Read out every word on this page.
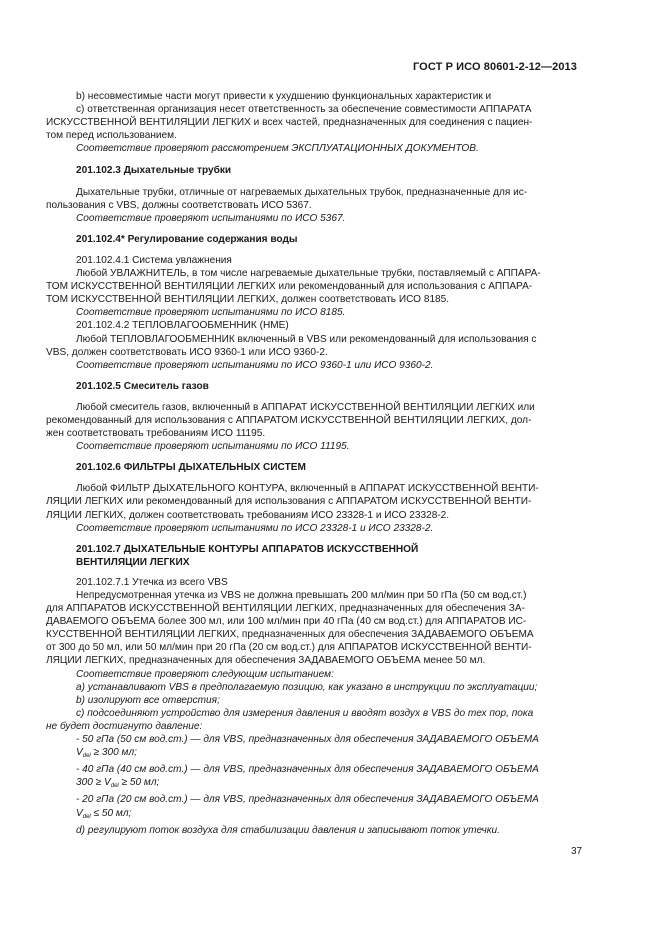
ГОСТ Р ИСО 80601-2-12—2013
b) несовместимые части могут привести к ухудшению функциональных характеристик и
c) ответственная организация несет ответственность за обеспечение совместимости АППАРАТА
ИСКУССТВЕННОЙ ВЕНТИЛЯЦИИ ЛЕГКИХ и всех частей, предназначенных для соединения с пациен-
том перед использованием.
Соответствие проверяют рассмотрением ЭКСПЛУАТАЦИОННЫХ ДОКУМЕНТОВ.
201.102.3 Дыхательные трубки
Дыхательные трубки, отличные от нагреваемых дыхательных трубок, предназначенные для ис-
пользования с VBS, должны соответствовать ИСО 5367.
Соответствие проверяют испытаниями по ИСО 5367.
201.102.4* Регулирование содержания воды
201.102.4.1 Система увлажнения
Любой УВЛАЖНИТЕЛЬ, в том числе нагреваемые дыхательные трубки, поставляемый с АППАРА-
ТОМ ИСКУССТВЕННОЙ ВЕНТИЛЯЦИИ ЛЕГКИХ или рекомендованный для использования с АППАРА-
ТОМ ИСКУССТВЕННОЙ ВЕНТИЛЯЦИИ ЛЕГКИХ, должен соответствовать ИСО 8185.
Соответствие проверяют испытаниями по ИСО 8185.
201.102.4.2 ТЕПЛОВЛАГООБМЕННИК (НМЕ)
Любой ТЕПЛОВЛАГООБМЕННИК включенный в VBS или рекомендованный для использования с
VBS, должен соответствовать ИСО 9360-1 или ИСО 9360-2.
Соответствие проверяют испытаниями по ИСО 9360-1 или ИСО 9360-2.
201.102.5 Смеситель газов
Любой смеситель газов, включенный в АППАРАТ ИСКУССТВЕННОЙ ВЕНТИЛЯЦИИ ЛЕГКИХ или
рекомендованный для использования с АППАРАТОМ ИСКУССТВЕННОЙ ВЕНТИЛЯЦИИ ЛЕГКИХ, дол-
жен соответствовать требованиям ИСО 11195.
Соответствие проверяют испытаниями по ИСО 11195.
201.102.6 ФИЛЬТРЫ ДЫХАТЕЛЬНЫХ СИСТЕМ
Любой ФИЛЬТР ДЫХАТЕЛЬНОГО КОНТУРА, включенный в АППАРАТ ИСКУССТВЕННОЙ ВЕНТИ-
ЛЯЦИИ ЛЕГКИХ или рекомендованный для использования с АППАРАТОМ ИСКУССТВЕННОЙ ВЕНТИ-
ЛЯЦИИ ЛЕГКИХ, должен соответствовать требованиям ИСО 23328-1 и ИСО 23328-2.
Соответствие проверяют испытаниями по ИСО 23328-1 и ИСО 23328-2.
201.102.7 ДЫХАТЕЛЬНЫЕ КОНТУРЫ АППАРАТОВ ИСКУССТВЕННОЙ
ВЕНТИЛЯЦИИ ЛЕГКИХ
201.102.7.1 Утечка из всего VBS
Непредусмотренная утечка из VBS не должна превышать 200 мл/мин при 50 гПа (50 см вод.ст.)
для АППАРАТОВ ИСКУССТВЕННОЙ ВЕНТИЛЯЦИИ ЛЕГКИХ, предназначенных для обеспечения ЗА-
ДАВАЕМОГО ОБЪЕМА более 300 мл, или 100 мл/мин при 40 гПа (40 см вод.ст.) для АППАРАТОВ ИС-
КУССТВЕННОЙ ВЕНТИЛЯЦИИ ЛЕГКИХ, предназначенных для обеспечения ЗАДАВАЕМОГО ОБЪЕМА
от 300 до 50 мл, или 50 мл/мин при 20 гПа (20 см вод.ст.) для АППАРАТОВ ИСКУССТВЕННОЙ ВЕНТИ-
ЛЯЦИИ ЛЕГКИХ, предназначенных для обеспечения ЗАДАВАЕМОГО ОБЪЕМА менее 50 мл.
Соответствие проверяют следующим испытанием:
a) устанавливают VBS в предполагаемую позицию, как указано в инструкции по эксплуатации;
b) изолируют все отверстия;
c) подсоединяют устройство для измерения давления и вводят воздух в VBS до тех пор, пока
не будет достигнуто давление:
- 50 гПа (50 см вод.ст.) — для VBS, предназначенных для обеспечения ЗАДАВАЕМОГО ОБЪЕМА
$V_{del} \ge 300$ мл;
- 40 гПа (40 см вод.ст.) — для VBS, предназначенных для обеспечения ЗАДАВАЕМОГО ОБЪЕМА
$300 \ge V_{del} \ge 50$ мл;
- 20 гПа (20 см вод.ст.) — для VBS, предназначенных для обеспечения ЗАДАВАЕМОГО ОБЪЕМА
$V_{del} \le 50$ мл;
d) регулируют поток воздуха для стабилизации давления и записывают поток утечки.
37
